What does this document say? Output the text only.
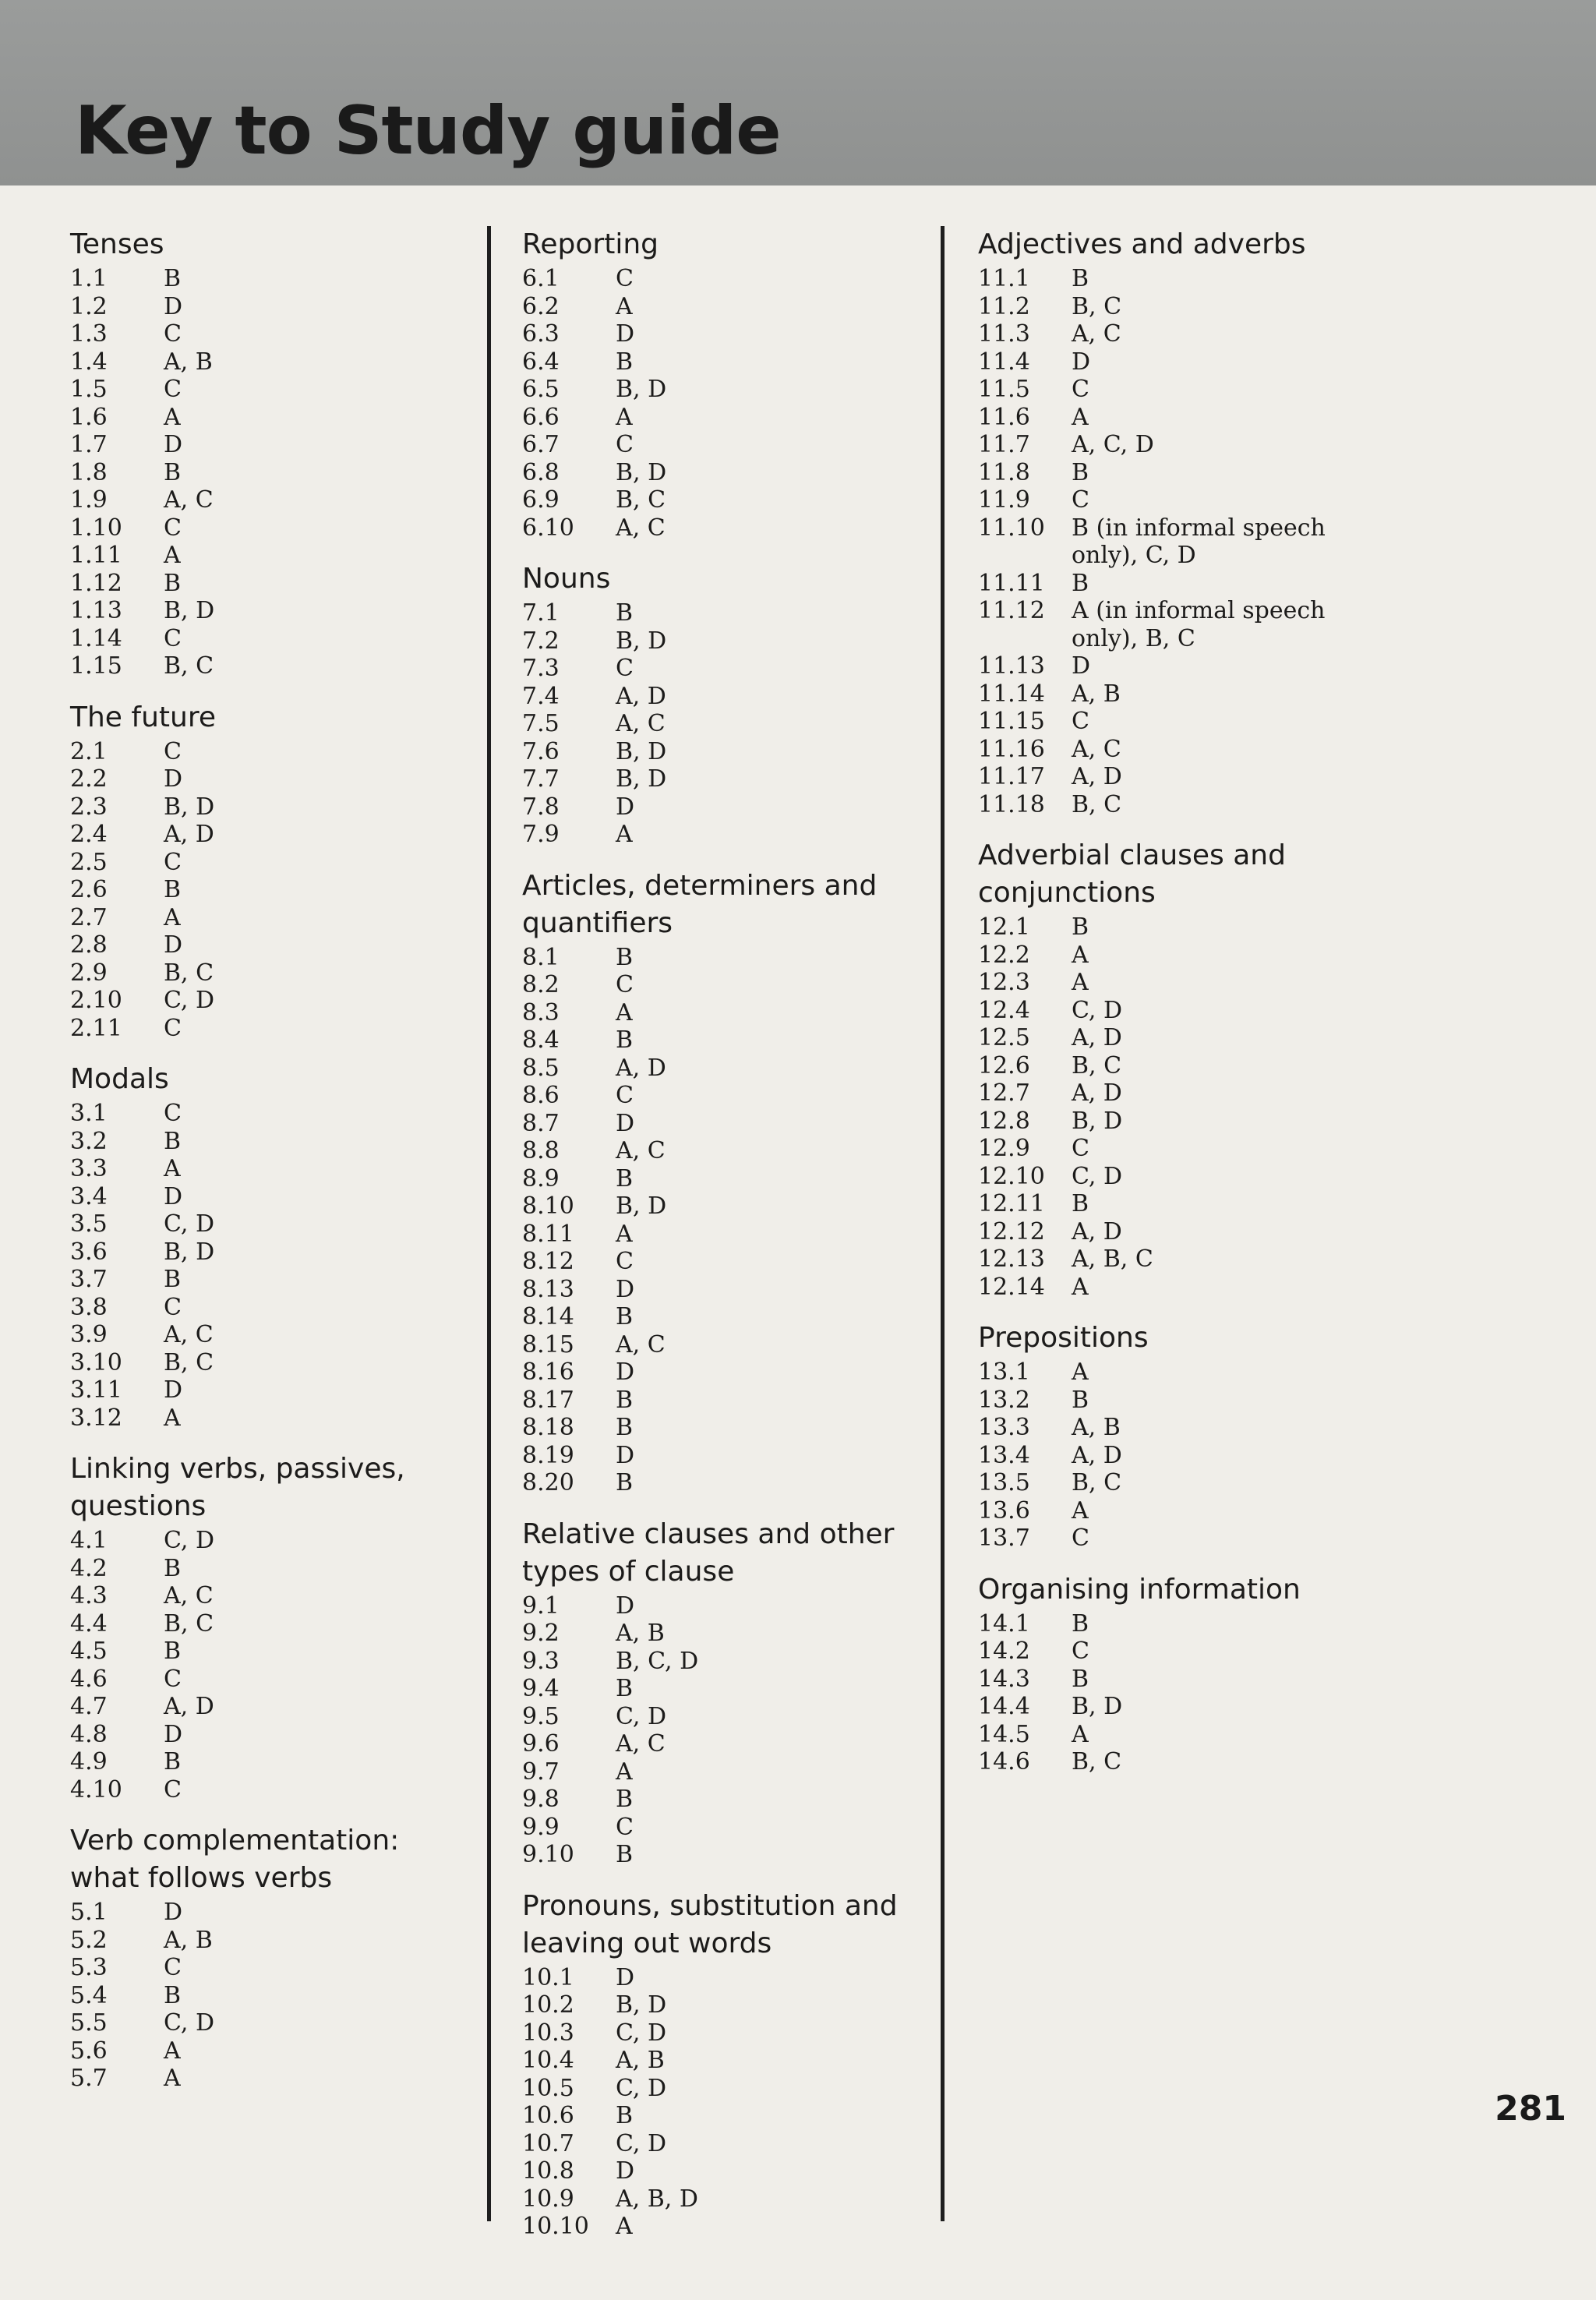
Key to Study guide
Tenses
1.1	B
1.2	D
1.3	C
1.4	A, B
1.5	C
1.6	A
1.7	D
1.8	B
1.9	A, C
1.10	C
1.11	A
1.12	B
1.13	B, D
1.14	C
1.15	B, C
The future
2.1	C
2.2	D
2.3	B, D
2.4	A, D
2.5	C
2.6	B
2.7	A
2.8	D
2.9	B, C
2.10	C, D
2.11	C
Modals
3.1	C
3.2	B
3.3	A
3.4	D
3.5	C, D
3.6	B, D
3.7	B
3.8	C
3.9	A, C
3.10	B, C
3.11	D
3.12	A
Linking verbs, passives, questions
4.1	C, D
4.2	B
4.3	A, C
4.4	B, C
4.5	B
4.6	C
4.7	A, D
4.8	D
4.9	B
4.10	C
Verb complementation: what follows verbs
5.1	D
5.2	A, B
5.3	C
5.4	B
5.5	C, D
5.6	A
5.7	A
Reporting
6.1	C
6.2	A
6.3	D
6.4	B
6.5	B, D
6.6	A
6.7	C
6.8	B, D
6.9	B, C
6.10	A, C
Nouns
7.1	B
7.2	B, D
7.3	C
7.4	A, D
7.5	A, C
7.6	B, D
7.7	B, D
7.8	D
7.9	A
Articles, determiners and quantifiers
8.1	B
8.2	C
8.3	A
8.4	B
8.5	A, D
8.6	C
8.7	D
8.8	A, C
8.9	B
8.10	B, D
8.11	A
8.12	C
8.13	D
8.14	B
8.15	A, C
8.16	D
8.17	B
8.18	B
8.19	D
8.20	B
Relative clauses and other types of clause
9.1	D
9.2	A, B
9.3	B, C, D
9.4	B
9.5	C, D
9.6	A, C
9.7	A
9.8	B
9.9	C
9.10	B
Pronouns, substitution and leaving out words
10.1	D
10.2	B, D
10.3	C, D
10.4	A, B
10.5	C, D
10.6	B
10.7	C, D
10.8	D
10.9	A, B, D
10.10	A
Adjectives and adverbs
11.1	B
11.2	B, C
11.3	A, C
11.4	D
11.5	C
11.6	A
11.7	A, C, D
11.8	B
11.9	C
11.10	B (in informal speech only), C, D
11.11	B
11.12	A (in informal speech only), B, C
11.13	D
11.14	A, B
11.15	C
11.16	A, C
11.17	A, D
11.18	B, C
Adverbial clauses and conjunctions
12.1	B
12.2	A
12.3	A
12.4	C, D
12.5	A, D
12.6	B, C
12.7	A, D
12.8	B, D
12.9	C
12.10	C, D
12.11	B
12.12	A, D
12.13	A, B, C
12.14	A
Prepositions
13.1	A
13.2	B
13.3	A, B
13.4	A, D
13.5	B, C
13.6	A
13.7	C
Organising information
14.1	B
14.2	C
14.3	B
14.4	B, D
14.5	A
14.6	B, C
281
